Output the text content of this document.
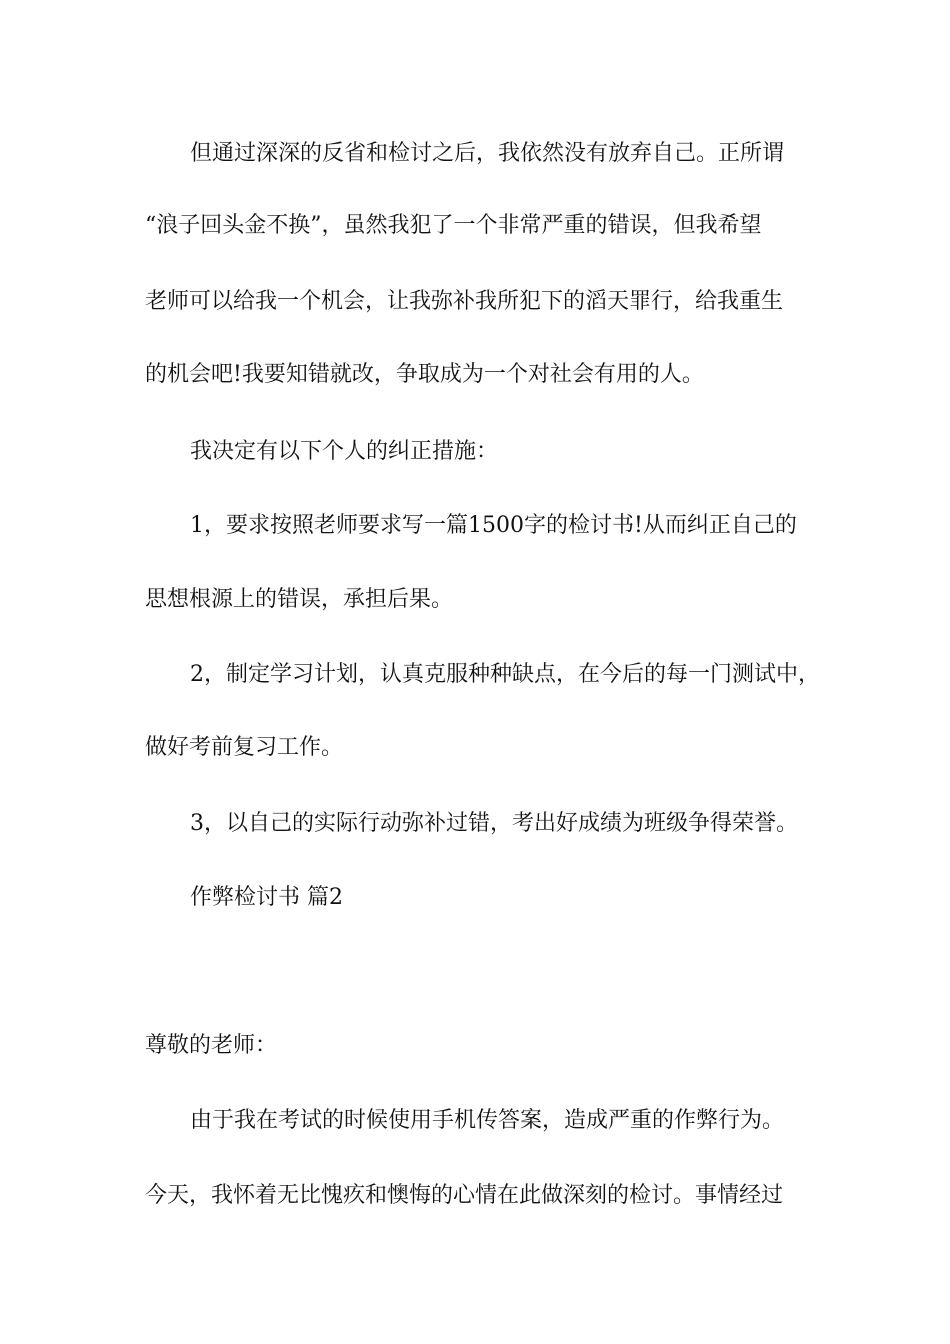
但通过深深的反省和检讨之后，我依然没有放弃自己。正所谓
“浪子回头金不换”，虽然我犯了一个非常严重的错误，但我希望
老师可以给我一个机会，让我弥补我所犯下的滔天罪行，给我重生
的机会吧!我要知错就改，争取成为一个对社会有用的人。
我决定有以下个人的纠正措施：
1，要求按照老师要求写一篇1500字的检讨书!从而纠正自己的
思想根源上的错误，承担后果。
2，制定学习计划，认真克服种种缺点，在今后的每一门测试中，
做好考前复习工作。
3，以自己的实际行动弥补过错，考出好成绩为班级争得荣誉。
作弊检讨书 篇2
尊敬的老师：
由于我在考试的时候使用手机传答案，造成严重的作弊行为。
今天，我怀着无比愧疚和懊悔的心情在此做深刻的检讨。事情经过
